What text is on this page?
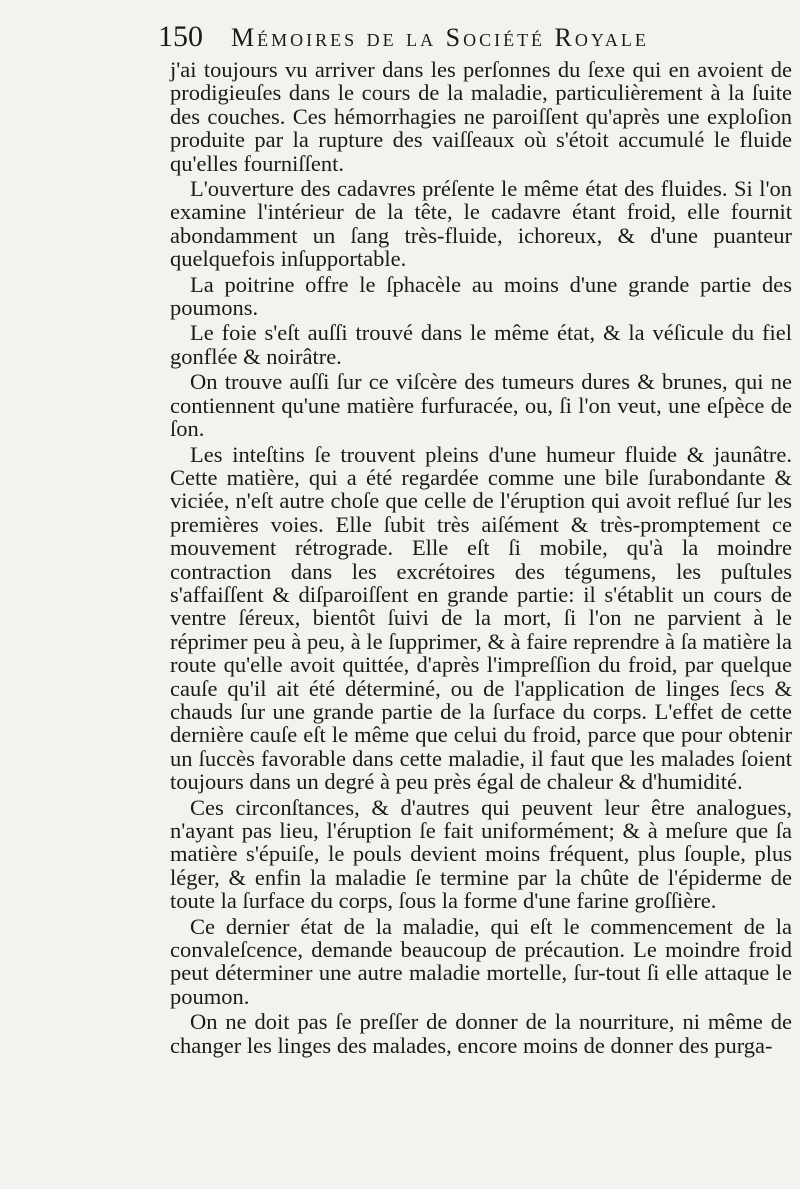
150 Mémoires de la Société Royale

j'ai toujours vu arriver dans les perſonnes du ſexe qui en avoient de prodigieuſes dans le cours de la maladie, particulièrement à la ſuite des couches. Ces hémorrhagies ne paroiſſent qu'après une exploſion produite par la rupture des vaiſſeaux où s'étoit accumulé le fluide qu'elles fourniſſent.

L'ouverture des cadavres préſente le même état des fluides. Si l'on examine l'intérieur de la tête, le cadavre étant froid, elle fournit abondamment un ſang très-fluide, ichoreux, & d'une puanteur quelquefois inſupportable.

La poitrine offre le ſphacèle au moins d'une grande partie des poumons.

Le foie s'eſt auſſi trouvé dans le même état, & la véſicule du fiel gonflée & noirâtre.

On trouve auſſi ſur ce viſcère des tumeurs dures & brunes, qui ne contiennent qu'une matière furfuracée, ou, ſi l'on veut, une eſpèce de ſon.

Les inteſtins ſe trouvent pleins d'une humeur fluide & jaunâtre. Cette matière, qui a été regardée comme une bile ſurabondante & viciée, n'eſt autre choſe que celle de l'éruption qui avoit reflué ſur les premières voies. Elle ſubit très aiſément & très-promptement ce mouvement rétrograde. Elle eſt ſi mobile, qu'à la moindre contraction dans les excrétoires des tégumens, les puſtules s'affaiſſent & diſparoiſſent en grande partie: il s'établit un cours de ventre ſéreux, bientôt ſuivi de la mort, ſi l'on ne parvient à le réprimer peu à peu, à le ſupprimer, & à faire reprendre à ſa matière la route qu'elle avoit quittée, d'après l'impreſſion du froid, par quelque cauſe qu'il ait été déterminé, ou de l'application de linges ſecs & chauds ſur une grande partie de la ſurface du corps. L'effet de cette dernière cauſe eſt le même que celui du froid, parce que pour obtenir un ſuccès favorable dans cette maladie, il faut que les malades ſoient toujours dans un degré à peu près égal de chaleur & d'humidité.

Ces circonſtances, & d'autres qui peuvent leur être analogues, n'ayant pas lieu, l'éruption ſe fait uniformément; & à meſure que ſa matière s'épuiſe, le pouls devient moins fréquent, plus ſouple, plus léger, & enfin la maladie ſe termine par la chûte de l'épiderme de toute la ſurface du corps, ſous la forme d'une farine groſſière.

Ce dernier état de la maladie, qui eſt le commencement de la convaleſcence, demande beaucoup de précaution. Le moindre froid peut déterminer une autre maladie mortelle, ſur-tout ſi elle attaque le poumon.

On ne doit pas ſe preſſer de donner de la nourriture, ni même de changer les linges des malades, encore moins de donner des purga-
